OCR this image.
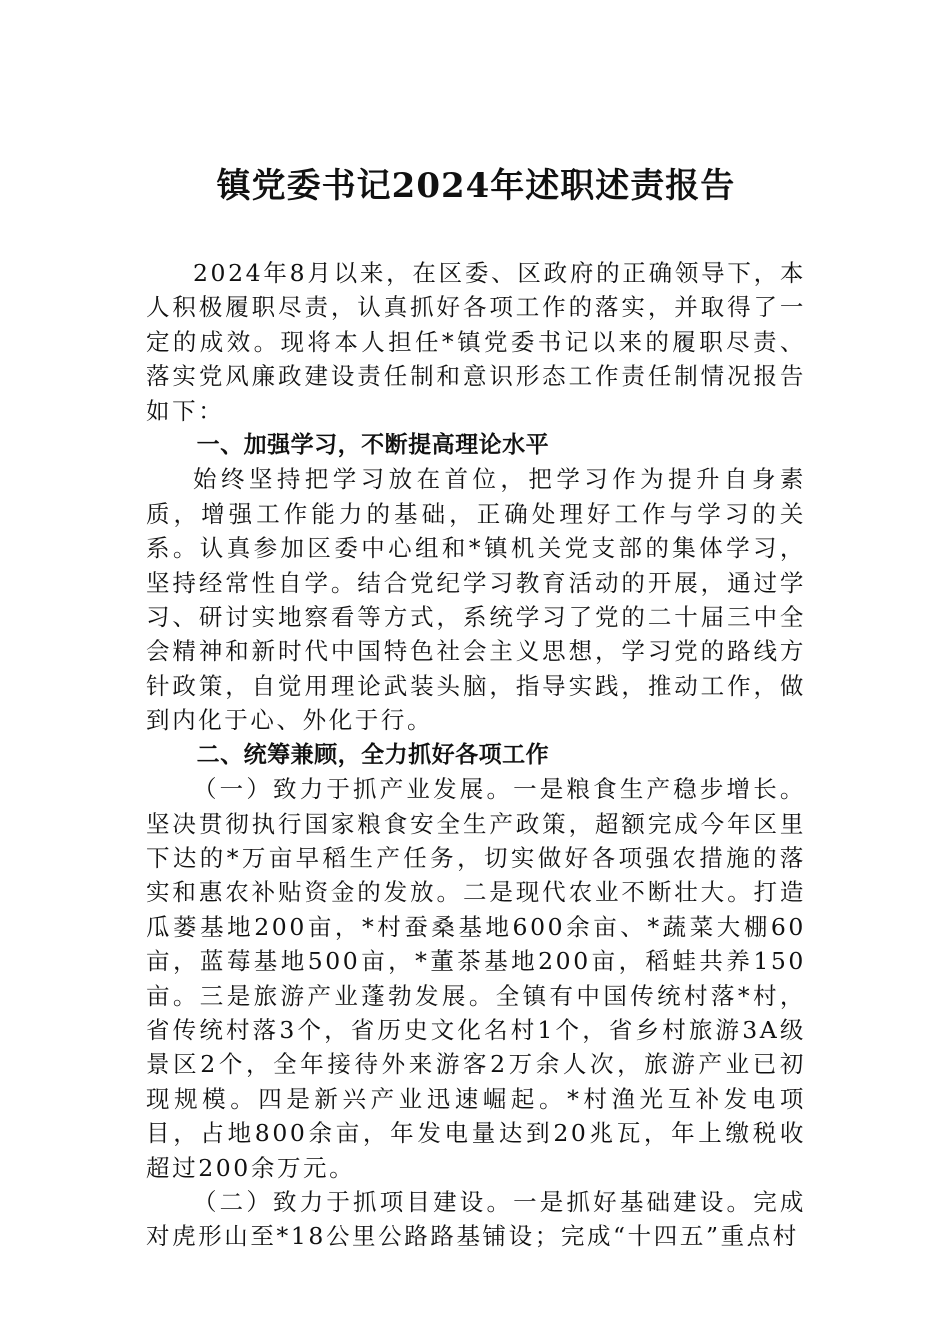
镇党委书记2024年述职述责报告

2024年8月以来，在区委、区政府的正确领导下，本人积极履职尽责，认真抓好各项工作的落实，并取得了一定的成效。现将本人担任*镇党委书记以来的履职尽责、落实党风廉政建设责任制和意识形态工作责任制情况报告如下：

一、加强学习，不断提高理论水平

始终坚持把学习放在首位，把学习作为提升自身素质，增强工作能力的基础，正确处理好工作与学习的关系。认真参加区委中心组和*镇机关党支部的集体学习，坚持经常性自学。结合党纪学习教育活动的开展，通过学习、研讨实地察看等方式，系统学习了党的二十届三中全会精神和新时代中国特色社会主义思想，学习党的路线方针政策，自觉用理论武装头脑，指导实践，推动工作，做到内化于心、外化于行。

二、统筹兼顾，全力抓好各项工作

（一）致力于抓产业发展。一是粮食生产稳步增长。坚决贯彻执行国家粮食安全生产政策，超额完成今年区里下达的*万亩早稻生产任务，切实做好各项强农措施的落实和惠农补贴资金的发放。二是现代农业不断壮大。打造瓜蒌基地200亩，*村蚕桑基地600余亩、*蔬菜大棚60亩，蓝莓基地500亩，*董茶基地200亩，稻蛙共养150亩。三是旅游产业蓬勃发展。全镇有中国传统村落*村，省传统村落3个，省历史文化名村1个，省乡村旅游3A级景区2个，全年接待外来游客2万余人次，旅游产业已初现规模。四是新兴产业迅速崛起。*村渔光互补发电项目，占地800余亩，年发电量达到20兆瓦，年上缴税收超过200余万元。

（二）致力于抓项目建设。一是抓好基础建设。完成对虎形山至*18公里公路路基铺设；完成“十四五”重点村
